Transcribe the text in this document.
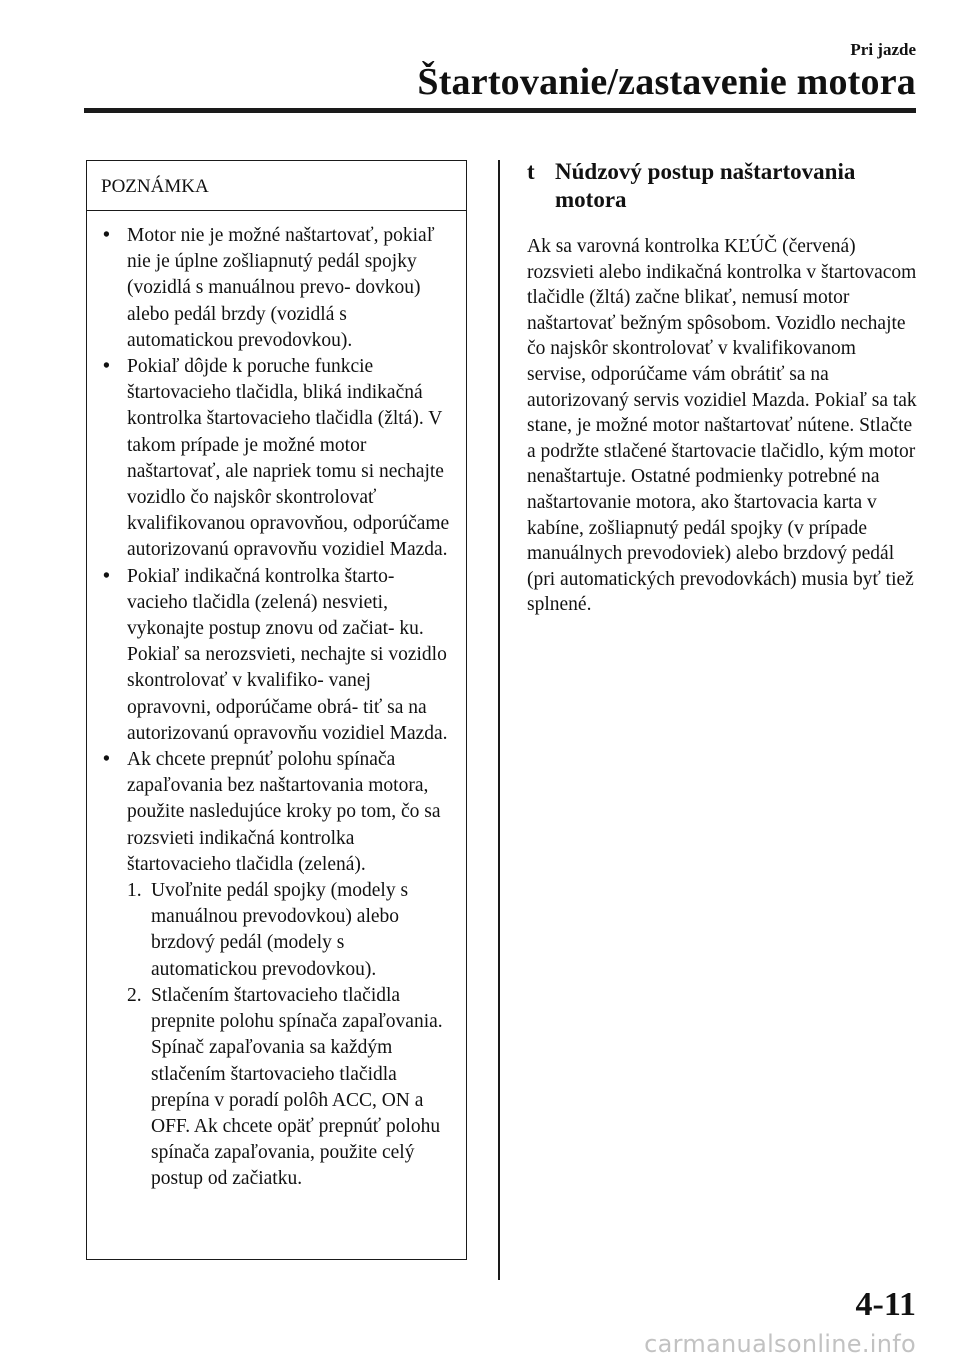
Pri jazde
Štartovanie/zastavenie motora
POZNÁMKA

• Motor nie je možné naštartovať, pokiaľ nie je úplne zošliapnutý pedál spojky (vozidlá s manuálnou prevo- dovkou) alebo pedál brzdy (vozidlá s automatickou prevodovkou).

• Pokiaľ dôjde k poruche funkcie štartovacieho tlačidla, bliká indikačná kontrolka štartovacieho tlačidla (žltá). V takom prípade je možné motor naštartovať, ale napriek tomu si nechajte vozidlo čo najskôr skontrolovať kvalifikovanou opravovňou, odporúčame autorizovanú opravovňu vozidiel Mazda.

• Pokiaľ indikačná kontrolka štarto- vacieho tlačidla (zelená) nesvieti, vykonajte postup znovu od začiat- ku. Pokiaľ sa nerozsvieti, nechajte si vozidlo skontrolovať v kvalifiko- vanej opravovni, odporúčame obrá- tiť sa na autorizovanú opravovňu vozidiel Mazda.

• Ak chcete prepnúť polohu spínača zapaľovania bez naštartovania motora, použite nasledujúce kroky po tom, čo sa rozsvieti indikačná kontrolka štartovacieho tlačidla (zelená).

1. Uvoľnite pedál spojky (modely s manuálnou prevodovkou) alebo brzdový pedál (modely s automatickou prevodovkou).

2. Stlačením štartovacieho tlačidla prepnite polohu spínača zapaľovania. Spínač zapaľovania sa každým stlačením štartovacieho tlačidla prepína v poradí polôh ACC, ON a OFF. Ak chcete opäť prepnúť polohu spínača zapaľovania, použite celý postup od začiatku.

t Núdzový postup naštartovania motora
Ak sa varovná kontrolka KĽÚČ (červená) rozsvieti alebo indikačná kontrolka v štartovacom tlačidle (žltá) začne blikať, nemusí motor naštartovať bežným spôsobom. Vozidlo nechajte čo najskôr skontrolovať v kvalifikovanom servise, odporúčame vám obrátiť sa na autorizovaný servis vozidiel Mazda. Pokiaľ sa tak stane, je možné motor naštartovať nútene. Stlačte a podržte stlačené štartovacie tlačidlo, kým motor nenaštartuje. Ostatné podmienky potrebné na naštartovanie motora, ako štartovacia karta v kabíne, zošliapnutý pedál spojky (v prípade manuálnych prevodoviek) alebo brzdový pedál (pri automatických prevodovkách) musia byť tiež splnené.
4-11
carmanualsonline.info
